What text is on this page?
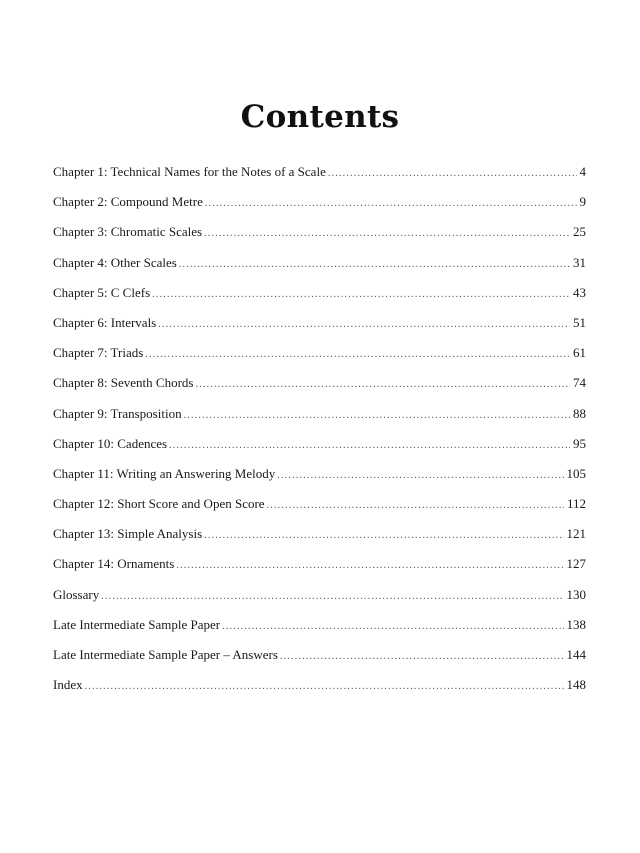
Contents
Chapter 1: Technical Names for the Notes of a Scale .....	4
Chapter 2: Compound Metre .....	9
Chapter 3: Chromatic Scales .....	25
Chapter 4: Other Scales .....	31
Chapter 5: C Clefs .....	43
Chapter 6: Intervals .....	51
Chapter 7: Triads .....	61
Chapter 8: Seventh Chords .....	74
Chapter 9: Transposition .....	88
Chapter 10: Cadences .....	95
Chapter 11: Writing an Answering Melody .....	105
Chapter 12: Short Score and Open Score .....	112
Chapter 13: Simple Analysis .....	121
Chapter 14: Ornaments .....	127
Glossary .....	130
Late Intermediate Sample Paper .....	138
Late Intermediate Sample Paper – Answers .....	144
Index .....	148
